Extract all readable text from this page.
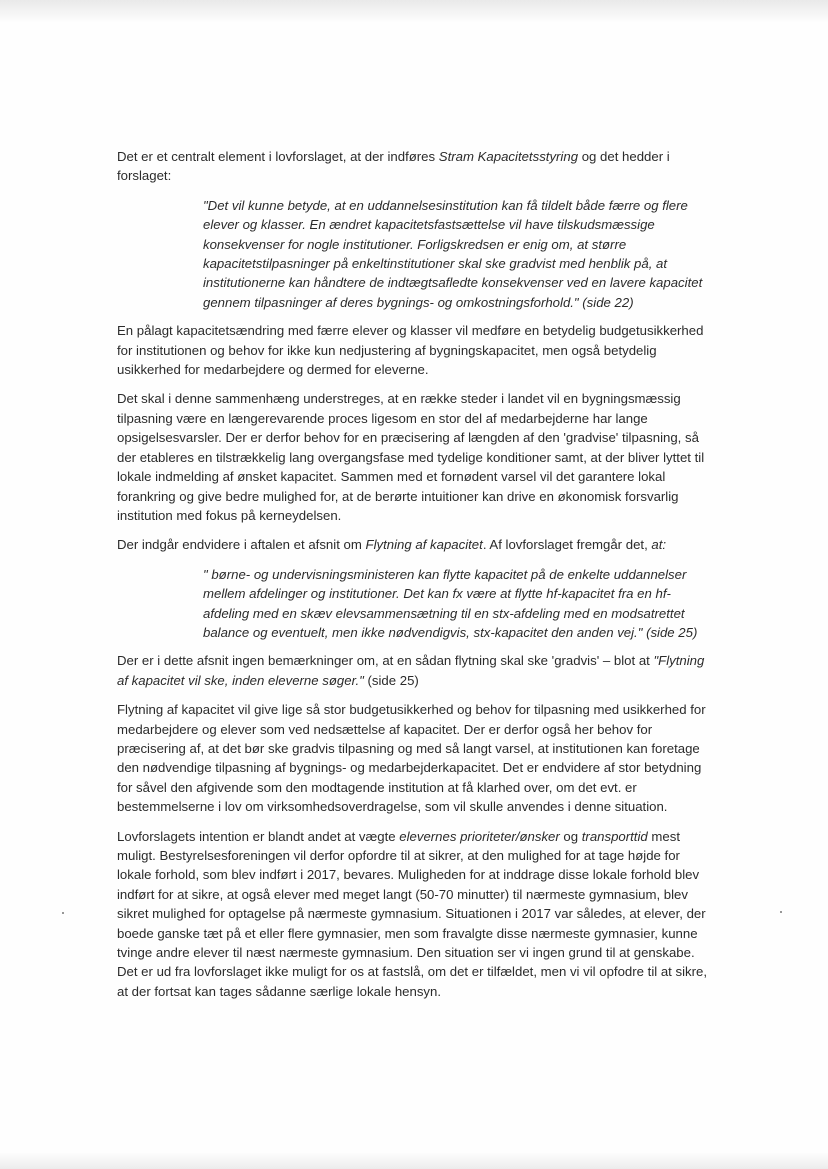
Det er et centralt element i lovforslaget, at der indføres Stram Kapacitetsstyring og det hedder i forslaget:

"Det vil kunne betyde, at en uddannelsesinstitution kan få tildelt både færre og flere elever og klasser. En ændret kapacitetsfastsættelse vil have tilskudsmæssige konsekvenser for nogle institutioner. Forligskredsen er enig om, at større kapacitetstilpasninger på enkeltinstitutioner skal ske gradvist med henblik på, at institutionerne kan håndtere de indtægtsafledte konsekvenser ved en lavere kapacitet gennem tilpasninger af deres bygnings- og omkostningsforhold." (side 22)

En pålagt kapacitetsændring med færre elever og klasser vil medføre en betydelig budgetusikkerhed for institutionen og behov for ikke kun nedjustering af bygningskapacitet, men også betydelig usikkerhed for medarbejdere og dermed for eleverne.

Det skal i denne sammenhæng understreges, at en række steder i landet vil en bygningsmæssig tilpasning være en længerevarende proces ligesom en stor del af medarbejderne har lange opsigelsesvarsler. Der er derfor behov for en præcisering af længden af den 'gradvise' tilpasning, så der etableres en tilstrækkelig lang overgangsfase med tydelige konditioner samt, at der bliver lyttet til lokale indmelding af ønsket kapacitet. Sammen med et fornødent varsel vil det garantere lokal forankring og give bedre mulighed for, at de berørte intuitioner kan drive en økonomisk forsvarlig institution med fokus på kerneydelsen.

Der indgår endvidere i aftalen et afsnit om Flytning af kapacitet. Af lovforslaget fremgår det, at:

" børne- og undervisningsministeren kan flytte kapacitet på de enkelte uddannelser mellem afdelinger og institutioner. Det kan fx være at flytte hf-kapacitet fra en hf-afdeling med en skæv elevsammensætning til en stx-afdeling med en modsatrettet balance og eventuelt, men ikke nødvendigvis, stx-kapacitet den anden vej." (side 25)

Der er i dette afsnit ingen bemærkninger om, at en sådan flytning skal ske 'gradvis' – blot at "Flytning af kapacitet vil ske, inden eleverne søger." (side 25)

Flytning af kapacitet vil give lige så stor budgetusikkerhed og behov for tilpasning med usikkerhed for medarbejdere og elever som ved nedsættelse af kapacitet. Der er derfor også her behov for præcisering af, at det bør ske gradvis tilpasning og med så langt varsel, at institutionen kan foretage den nødvendige tilpasning af bygnings- og medarbejderkapacitet. Det er endvidere af stor betydning for såvel den afgivende som den modtagende institution at få klarhed over, om det evt. er bestemmelserne i lov om virksomhedsoverdragelse, som vil skulle anvendes i denne situation.

Lovforslagets intention er blandt andet at vægte elevernes prioriteter/ønsker og transporttid mest muligt. Bestyrelsesforeningen vil derfor opfordre til at sikrer, at den mulighed for at tage højde for lokale forhold, som blev indført i 2017, bevares. Muligheden for at inddrage disse lokale forhold blev indført for at sikre, at også elever med meget langt (50-70 minutter) til nærmeste gymnasium, blev sikret mulighed for optagelse på nærmeste gymnasium. Situationen i 2017 var således, at elever, der boede ganske tæt på et eller flere gymnasier, men som fravalgte disse nærmeste gymnasier, kunne tvinge andre elever til næst nærmeste gymnasium. Den situation ser vi ingen grund til at genskabe. Det er ud fra lovforslaget ikke muligt for os at fastslå, om det er tilfældet, men vi vil opfodre til at sikre, at der fortsat kan tages sådanne særlige lokale hensyn.
